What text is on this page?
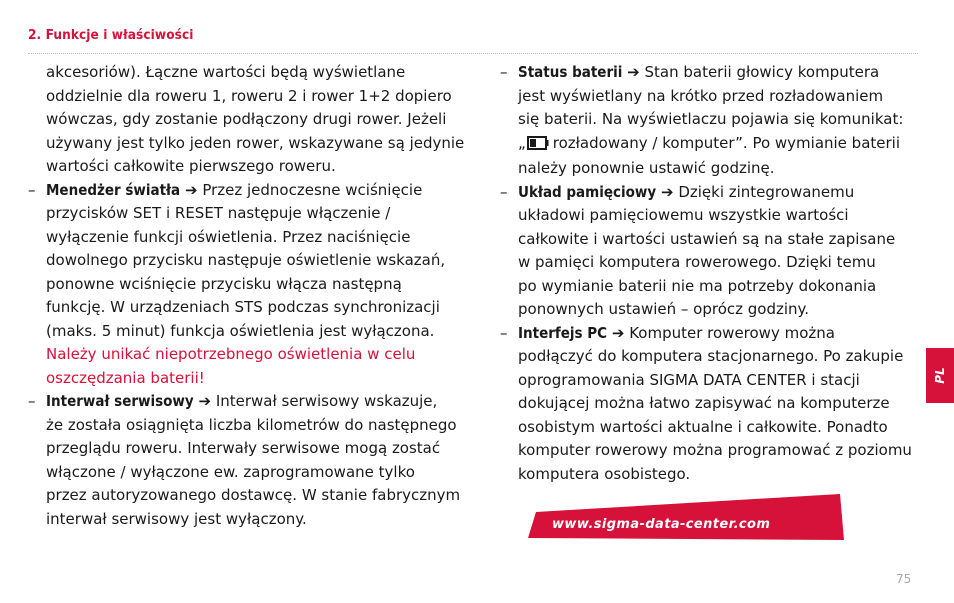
2. Funkcje i właściwości
akcesoriów). Łączne wartości będą wyświetlane
oddzielnie dla roweru 1, roweru 2 i rower 1+2 dopiero
wówczas, gdy zostanie podłączony drugi rower. Jeżeli
używany jest tylko jeden rower, wskazywane są jedynie
wartości całkowite pierwszego roweru.
– Menedżer światła ➔ Przez jednoczesne wciśnięcie
przycisków SET i RESET następuje włączenie /
wyłączenie funkcji oświetlenia. Przez naciśnięcie
dowolnego przycisku następuje oświetlenie wskazań,
ponowne wciśnięcie przycisku włącza następną
funkcję. W urządzeniach STS podczas synchronizacji
(maks. 5 minut) funkcja oświetlenia jest wyłączona.
Należy unikać niepotrzebnego oświetlenia w celu
oszczędzania baterii!
– Interwał serwisowy ➔ Interwał serwisowy wskazuje,
że została osiągnięta liczba kilometrów do następnego
przeglądu roweru. Interwały serwisowe mogą zostać
włączone / wyłączone ew. zaprogramowane tylko
przez autoryzowanego dostawcę. W stanie fabrycznym
interwał serwisowy jest wyłączony.
– Status baterii ➔ Stan baterii głowicy komputera
jest wyświetlany na krótko przed rozładowaniem
się baterii. Na wyświetlaczu pojawia się komunikat:
„ rozładowany / komputer”. Po wymianie baterii
należy ponownie ustawić godzinę.
– Układ pamięciowy ➔ Dzięki zintegrowanemu
układowi pamięciowemu wszystkie wartości
całkowite i wartości ustawień są na stałe zapisane
w pamięci komputera rowerowego. Dzięki temu
po wymianie baterii nie ma potrzeby dokonania
ponownych ustawień – oprócz godziny.
– Interfejs PC ➔ Komputer rowerowy można
podłączyć do komputera stacjonarnego. Po zakupie
oprogramowania SIGMA DATA CENTER i stacji
dokującej można łatwo zapisywać na komputerze
osobistym wartości aktualne i całkowite. Ponadto
komputer rowerowy można programować z poziomu
komputera osobistego.
www.sigma-data-center.com
PL
75
